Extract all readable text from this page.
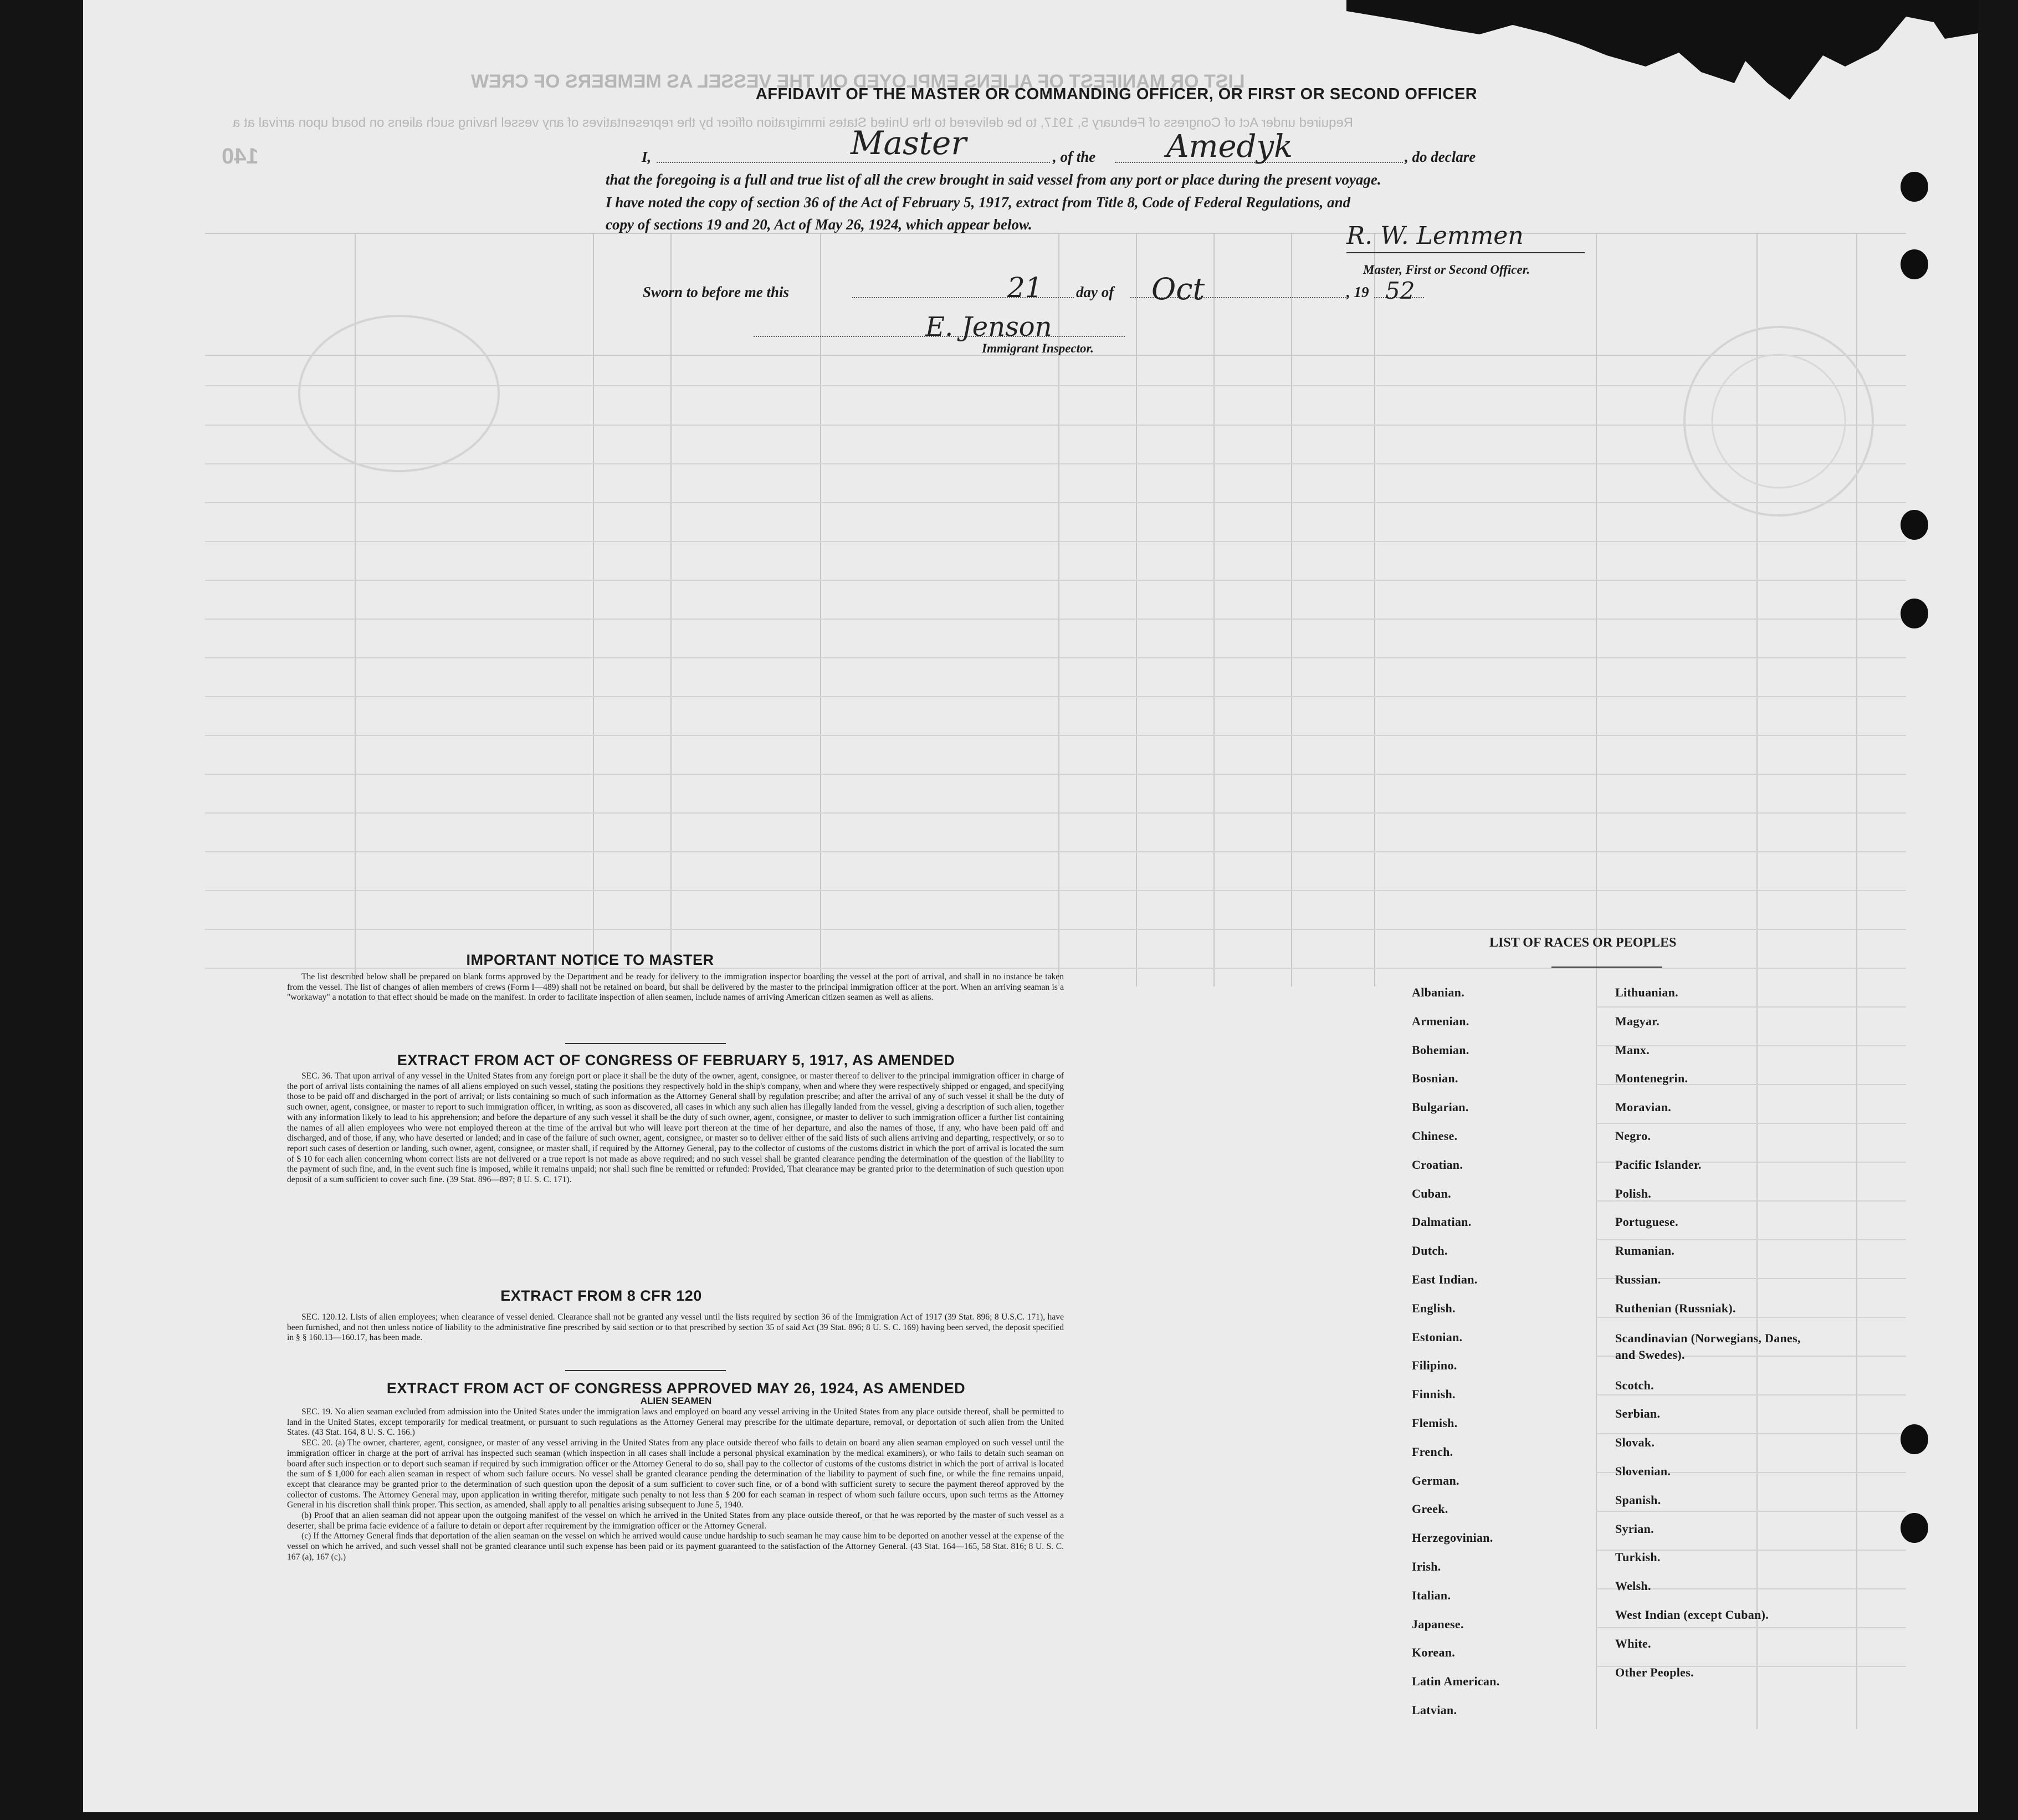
LIST OR MANIFEST OF ALIENS EMPLOYED ON THE VESSEL AS MEMBERS OF CREW
Required under Act of Congress of February 5, 1917, to be delivered to the United States immigration officer by the representatives of any vessel having such aliens on board upon arrival at a
140
AFFIDAVIT OF THE MASTER OR COMMANDING OFFICER, OR FIRST OR SECOND OFFICER
I,	Master	, of the Amedyk	, do declare
that the foregoing is a full and true list of all the crew brought in said vessel from any port or place during the present voyage.
I have noted the copy of section 36 of the Act of February 5, 1917, extract from Title 8, Code of Federal Regulations, and
copy of sections 19 and 20, Act of May 26, 1924, which appear below.	R. W. Lemmen
Master, First or Second Officer.
Sworn to before me this	21 day of Oct	, 19 52
E. Jenson
Immigrant Inspector.
IMPORTANT NOTICE TO MASTER

The list described below shall be prepared on blank forms approved by the Department and be ready for delivery to the immigration inspector boarding the vessel at the port of arrival, and shall in no instance be taken from the vessel. The list of changes of alien members of crews (Form I—489) shall not be retained on board, but shall be delivered by the master to the principal immigration officer at the port. When an arriving seaman is a "workaway" a notation to that effect should be made on the manifest. In order to facilitate inspection of alien seamen, include names of arriving American citizen seamen as well as aliens.

EXTRACT FROM ACT OF CONGRESS OF FEBRUARY 5, 1917, AS AMENDED

SEC. 36. That upon arrival of any vessel in the United States from any foreign port or place it shall be the duty of the owner, agent, consignee, or master thereof to deliver to the principal immigration officer in charge of the port of arrival lists containing the names of all aliens employed on such vessel, stating the positions they respectively hold in the ship's company, when and where they were respectively shipped or engaged, and specifying those to be paid off and discharged in the port of arrival; or lists containing so much of such information as the Attorney General shall by regulation prescribe; and after the arrival of any of such vessel it shall be the duty of such owner, agent, consignee, or master to report to such immigration officer, in writing, as soon as discovered, all cases in which any such alien has illegally landed from the vessel, giving a description of such alien, together with any information likely to lead to his apprehension; and before the departure of any such vessel it shall be the duty of such owner, agent, consignee, or master to deliver to such immigration officer a further list containing the names of all alien employees who were not employed thereon at the time of the arrival but who will leave port thereon at the time of her departure, and also the names of those, if any, who have been paid off and discharged, and of those, if any, who have deserted or landed; and in case of the failure of such owner, agent, consignee, or master so to deliver either of the said lists of such aliens arriving and departing, respectively, or so to report such cases of desertion or landing, such owner, agent, consignee, or master shall, if required by the Attorney General, pay to the collector of customs of the customs district in which the port of arrival is located the sum of $ 10 for each alien concerning whom correct lists are not delivered or a true report is not made as above required; and no such vessel shall be granted clearance pending the determination of the question of the liability to the payment of such fine, and, in the event such fine is imposed, while it remains unpaid; nor shall such fine be remitted or refunded: Provided, That clearance may be granted prior to the determination of such question upon deposit of a sum sufficient to cover such fine. (39 Stat. 896—897; 8 U. S. C. 171).

EXTRACT FROM 8 CFR 120

SEC. 120.12. Lists of alien employees; when clearance of vessel denied. Clearance shall not be granted any vessel until the lists required by section 36 of the Immigration Act of 1917 (39 Stat. 896; 8 U.S.C. 171), have been furnished, and not then unless notice of liability to the administrative fine prescribed by said section or to that prescribed by section 35 of said Act (39 Stat. 896; 8 U. S. C. 169) having been served, the deposit specified in § § 160.13—160.17, has been made.

EXTRACT FROM ACT OF CONGRESS APPROVED MAY 26, 1924, AS AMENDED
ALIEN SEAMEN

SEC. 19. No alien seaman excluded from admission into the United States under the immigration laws and employed on board any vessel arriving in the United States from any place outside thereof, shall be permitted to land in the United States, except temporarily for medical treatment, or pursuant to such regulations as the Attorney General may prescribe for the ultimate departure, removal, or deportation of such alien from the United States. (43 Stat. 164, 8 U. S. C. 166.)

SEC. 20. (a) The owner, charterer, agent, consignee, or master of any vessel arriving in the United States from any place outside thereof who fails to detain on board any alien seaman employed on such vessel until the immigration officer in charge at the port of arrival has inspected such seaman (which inspection in all cases shall include a personal physical examination by the medical examiners), or who fails to detain such seaman on board after such inspection or to deport such seaman if required by such immigration officer or the Attorney General to do so, shall pay to the collector of customs of the customs district in which the port of arrival is located the sum of $ 1,000 for each alien seaman in respect of whom such failure occurs. No vessel shall be granted clearance pending the determination of the liability to payment of such fine, or while the fine remains unpaid, except that clearance may be granted prior to the determination of such question upon the deposit of a sum sufficient to cover such fine, or of a bond with sufficient surety to secure the payment thereof approved by the collector of customs. The Attorney General may, upon application in writing therefor, mitigate such penalty to not less than $ 200 for each seaman in respect of whom such failure occurs, upon such terms as the Attorney General in his discretion shall think proper. This section, as amended, shall apply to all penalties arising subsequent to June 5, 1940.

(b) Proof that an alien seaman did not appear upon the outgoing manifest of the vessel on which he arrived in the United States from any place outside thereof, or that he was reported by the master of such vessel as a deserter, shall be prima facie evidence of a failure to detain or deport after requirement by the immigration officer or the Attorney General.

(c) If the Attorney General finds that deportation of the alien seaman on the vessel on which he arrived would cause undue hardship to such seaman he may cause him to be deported on another vessel at the expense of the vessel on which he arrived, and such vessel shall not be granted clearance until such expense has been paid or its payment guaranteed to the satisfaction of the Attorney General. (43 Stat. 164—165, 58 Stat. 816; 8 U. S. C. 167 (a), 167 (c).)

LIST OF RACES OR PEOPLES
Albanian.
Armenian.
Bohemian.
Bosnian.
Bulgarian.
Chinese.
Croatian.
Cuban.
Dalmatian.
Dutch.
East Indian.
English.
Estonian.
Filipino.
Finnish.
Flemish.
French.
German.
Greek.
Herzegovinian.
Irish.
Italian.
Japanese.
Korean.
Latin American.
Latvian.
Lithuanian.
Magyar.
Manx.
Montenegrin.
Moravian.
Negro.
Pacific Islander.
Polish.
Portuguese.
Rumanian.
Russian.
Ruthenian (Russniak).
Scandinavian (Norwegians, Danes, and Swedes).
Scotch.
Serbian.
Slovak.
Slovenian.
Spanish.
Syrian.
Turkish.
Welsh.
West Indian (except Cuban).
White.
Other Peoples.
